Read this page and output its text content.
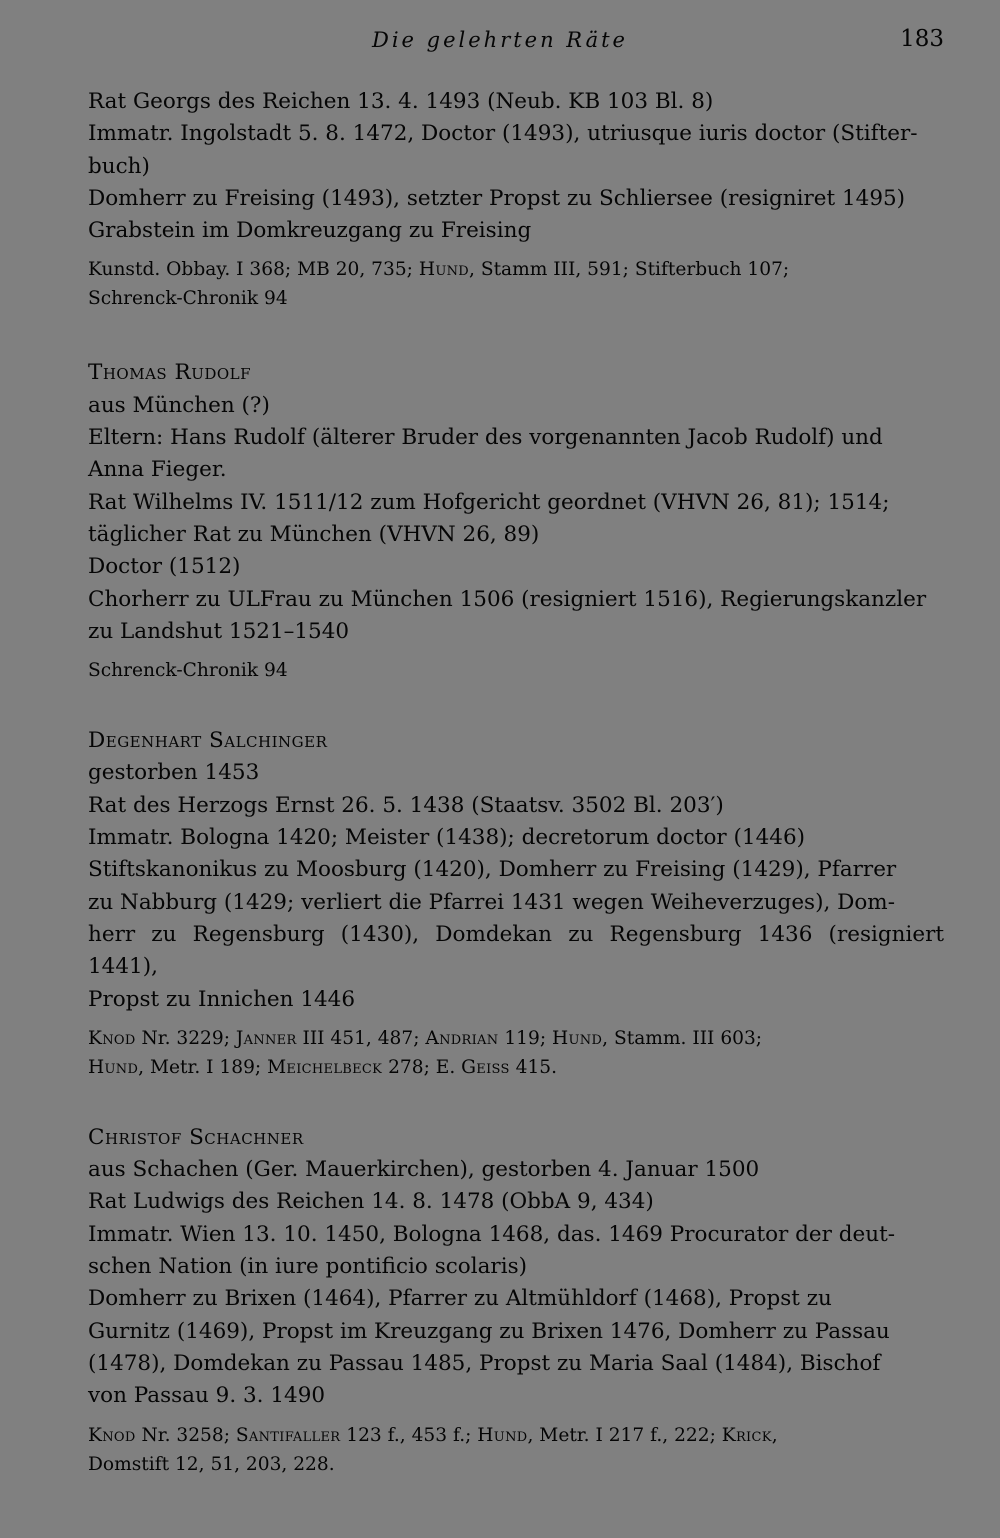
Die gelehrten Räte	183
Rat Georgs des Reichen 13. 4. 1493 (Neub. KB 103 Bl. 8)
Immatr. Ingolstadt 5. 8. 1472, Doctor (1493), utriusque iuris doctor (Stifter-
buch)
Domherr zu Freising (1493), setzter Propst zu Schliersee (resigniret 1495)
Grabstein im Domkreuzgang zu Freising
Kunstd. Obbay. I 368; MB 20, 735; Hund, Stamm III, 591; Stifterbuch 107;
Schrenck-Chronik 94
Thomas Rudolf
aus München (?)
Eltern: Hans Rudolf (älterer Bruder des vorgenannten Jacob Rudolf) und
Anna Fieger.
Rat Wilhelms IV. 1511/12 zum Hofgericht geordnet (VHVN 26, 81); 1514;
täglicher Rat zu München (VHVN 26, 89)
Doctor (1512)
Chorherr zu ULFrau zu München 1506 (resigniert 1516), Regierungskanzler
zu Landshut 1521–1540
Schrenck-Chronik 94
Degenhart Salchinger
gestorben 1453
Rat des Herzogs Ernst 26. 5. 1438 (Staatsv. 3502 Bl. 203′)
Immatr. Bologna 1420; Meister (1438); decretorum doctor (1446)
Stiftskanonikus zu Moosburg (1420), Domherr zu Freising (1429), Pfarrer
zu Nabburg (1429; verliert die Pfarrei 1431 wegen Weiheverzuges), Dom-
herr zu Regensburg (1430), Domdekan zu Regensburg 1436 (resigniert 1441),
Propst zu Innichen 1446
Knod Nr. 3229; Janner III 451, 487; Andrian 119; Hund, Stamm. III 603;
Hund, Metr. I 189; Meichelbeck 278; E. Geiss 415.
Christof Schachner
aus Schachen (Ger. Mauerkirchen), gestorben 4. Januar 1500
Rat Ludwigs des Reichen 14. 8. 1478 (ObbA 9, 434)
Immatr. Wien 13. 10. 1450, Bologna 1468, das. 1469 Procurator der deut-
schen Nation (in iure pontificio scolaris)
Domherr zu Brixen (1464), Pfarrer zu Altmühldorf (1468), Propst zu
Gurnitz (1469), Propst im Kreuzgang zu Brixen 1476, Domherr zu Passau
(1478), Domdekan zu Passau 1485, Propst zu Maria Saal (1484), Bischof
von Passau 9. 3. 1490
Knod Nr. 3258; Santifaller 123 f., 453 f.; Hund, Metr. I 217 f., 222; Krick,
Domstift 12, 51, 203, 228.
